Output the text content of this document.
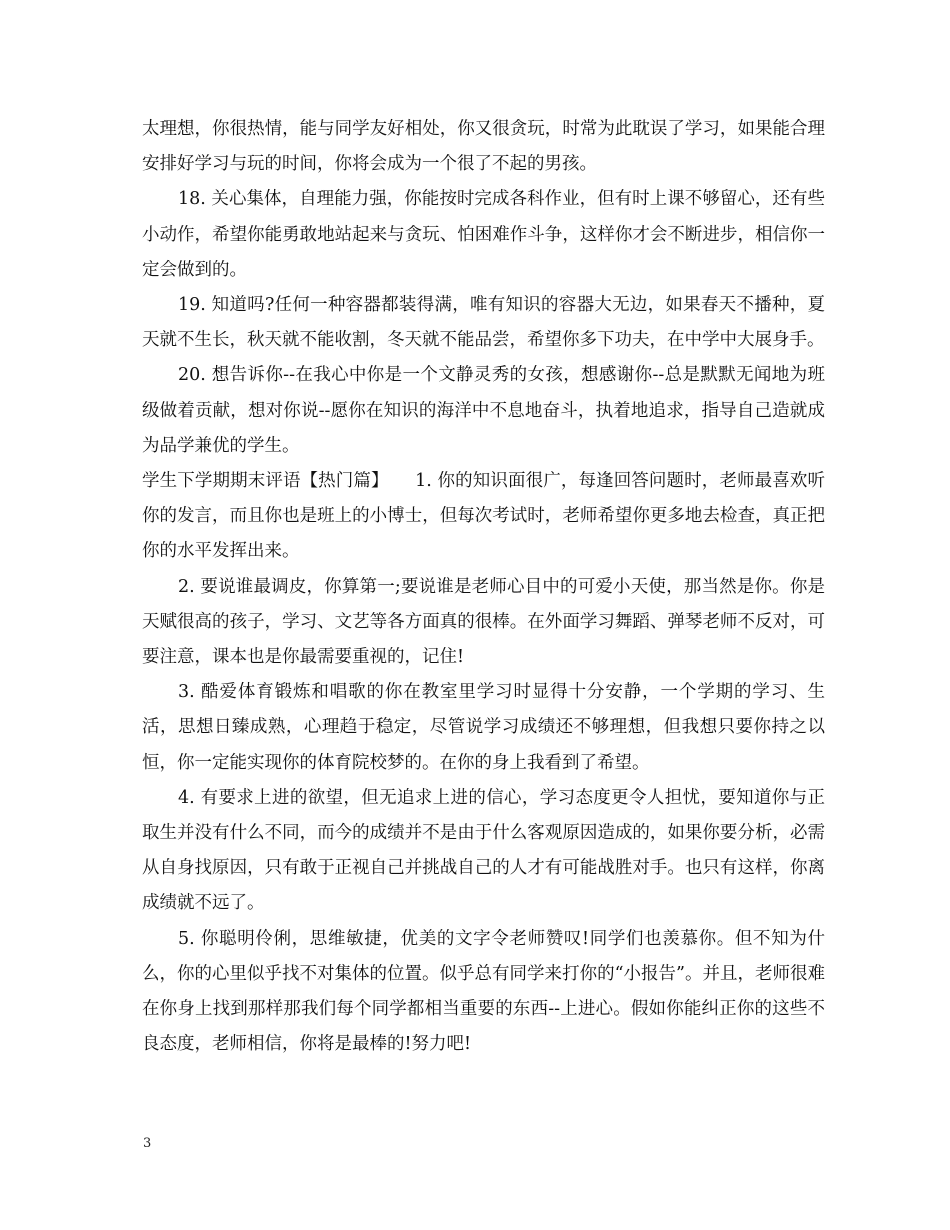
太理想，你很热情，能与同学友好相处，你又很贪玩，时常为此耽误了学习，如果能合理安排好学习与玩的时间，你将会成为一个很了不起的男孩。

18. 关心集体，自理能力强，你能按时完成各科作业，但有时上课不够留心，还有些小动作，希望你能勇敢地站起来与贪玩、怕困难作斗争，这样你才会不断进步，相信你一定会做到的。

19. 知道吗?任何一种容器都装得满，唯有知识的容器大无边，如果春天不播种，夏天就不生长，秋天就不能收割，冬天就不能品尝，希望你多下功夫，在中学中大展身手。

20. 想告诉你--在我心中你是一个文静灵秀的女孩，想感谢你--总是默默无闻地为班级做着贡献，想对你说--愿你在知识的海洋中不息地奋斗，执着地追求，指导自己造就成为品学兼优的学生。

学生下学期期末评语【热门篇】　　1. 你的知识面很广，每逢回答问题时，老师最喜欢听你的发言，而且你也是班上的小博士，但每次考试时，老师希望你更多地去检查，真正把你的水平发挥出来。

2. 要说谁最调皮，你算第一;要说谁是老师心目中的可爱小天使，那当然是你。你是天赋很高的孩子，学习、文艺等各方面真的很棒。在外面学习舞蹈、弹琴老师不反对，可要注意，课本也是你最需要重视的，记住!

3. 酷爱体育锻炼和唱歌的你在教室里学习时显得十分安静，一个学期的学习、生活，思想日臻成熟，心理趋于稳定，尽管说学习成绩还不够理想，但我想只要你持之以恒，你一定能实现你的体育院校梦的。在你的身上我看到了希望。

4. 有要求上进的欲望，但无追求上进的信心，学习态度更令人担忧，要知道你与正取生并没有什么不同，而今的成绩并不是由于什么客观原因造成的，如果你要分析，必需从自身找原因，只有敢于正视自己并挑战自己的人才有可能战胜对手。也只有这样，你离成绩就不远了。

5. 你聪明伶俐，思维敏捷，优美的文字令老师赞叹!同学们也羡慕你。但不知为什么，你的心里似乎找不对集体的位置。似乎总有同学来打你的“小报告”。并且，老师很难在你身上找到那样那我们每个同学都相当重要的东西--上进心。假如你能纠正你的这些不良态度，老师相信，你将是最棒的!努力吧!

3
